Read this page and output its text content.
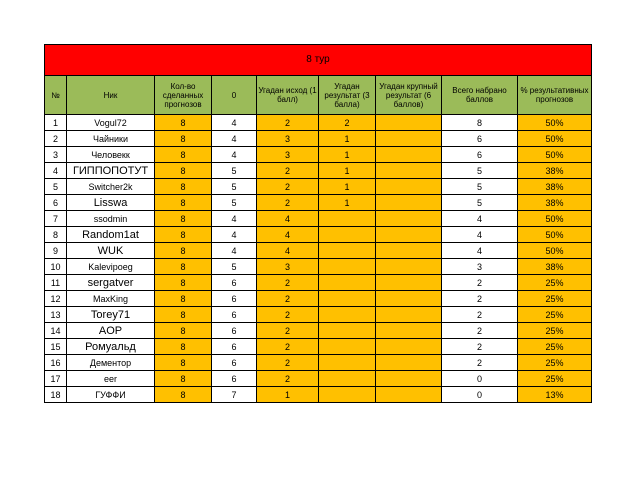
8 тур								
№	Ник	Кол-во сделанных прогнозов	0	Угадан исход (1 балл)	Угадан результат (3 балла)	Угадан крупный результат (6 баллов)	Всего набрано баллов	% результативных прогнозов
1	Vogul72	8	4	2	2		8	50%
2	Чайники	8	4	3	1		6	50%
3	Человекк	8	4	3	1		6	50%
4	ГИППОПОТУТ	8	5	2	1		5	38%
5	Switcher2k	8	5	2	1		5	38%
6	Lisswa	8	5	2	1		5	38%
7	ssodmin	8	4	4			4	50%
8	Random1at	8	4	4			4	50%
9	WUK	8	4	4			4	50%
10	Kalevipoeg	8	5	3			3	38%
11	sergatver	8	6	2			2	25%
12	MaxKing	8	6	2			2	25%
13	Torey71	8	6	2			2	25%
14	AOP	8	6	2			2	25%
15	Ромуальд	8	6	2			2	25%
16	Дементор	8	6	2			2	25%
17	eer	8	6	2			0	25%
18	ГУФФИ	8	7	1			0	13%
